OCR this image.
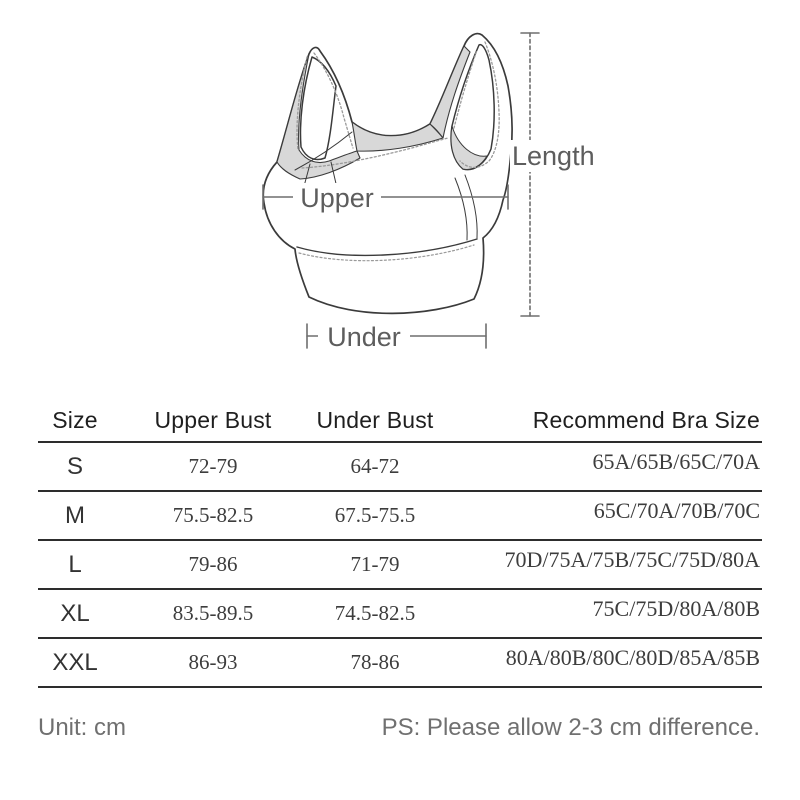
Upper
Under
Length
Size	Upper Bust	Under Bust	Recommend Bra Size
S	72-79	64-72	65A/65B/65C/70A
M	75.5-82.5	67.5-75.5	65C/70A/70B/70C
L	79-86	71-79	70D/75A/75B/75C/75D/80A
XL	83.5-89.5	74.5-82.5	75C/75D/80A/80B
XXL	86-93	78-86	80A/80B/80C/80D/85A/85B
Unit: cm	PS: Please allow 2-3 cm difference.
